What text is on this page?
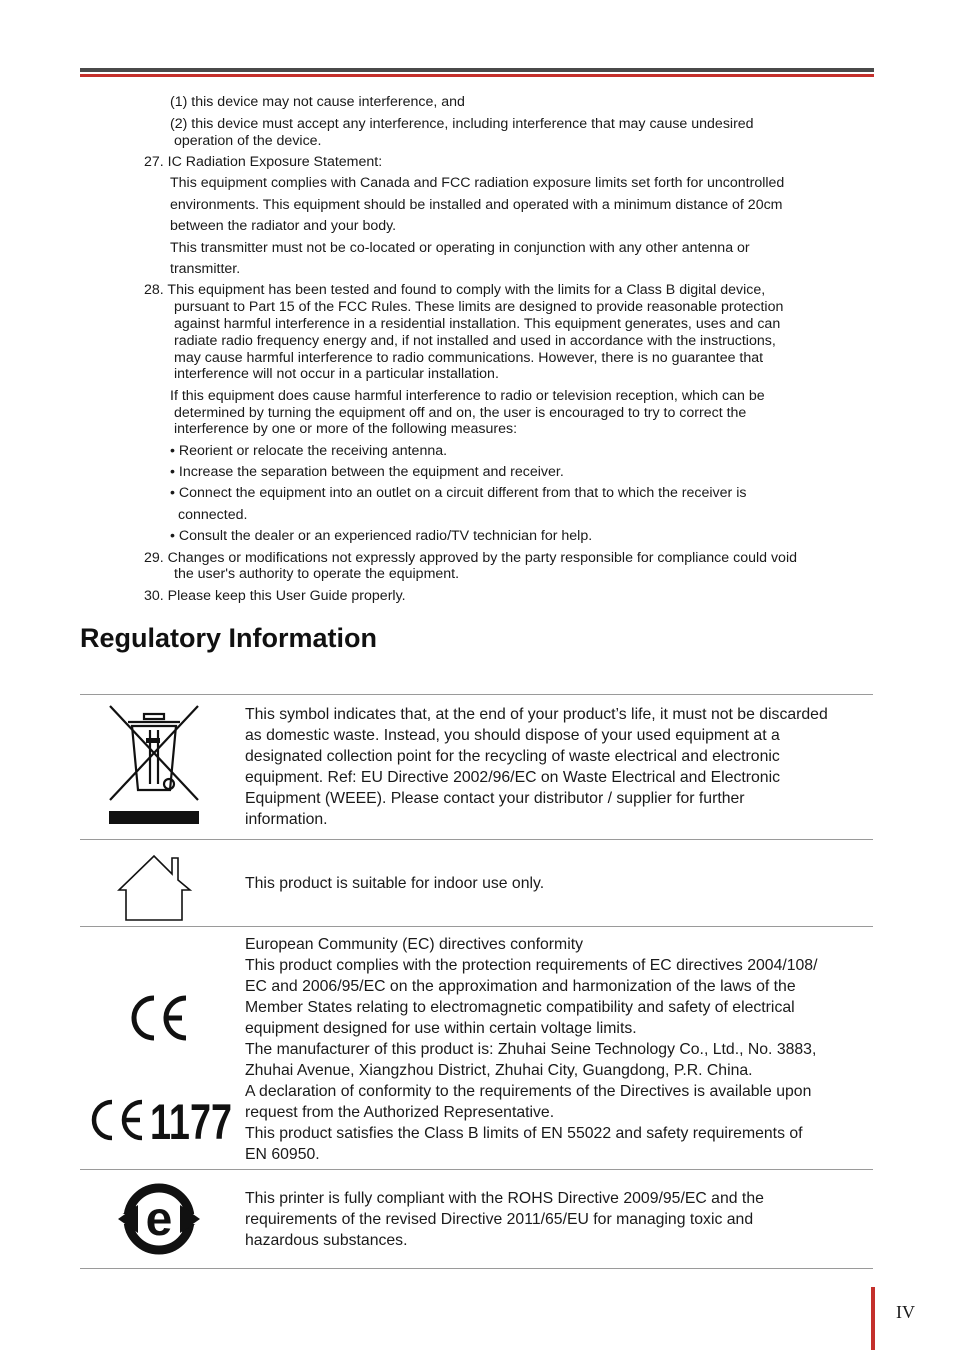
(1) this device may not cause interference, and
(2) this device must accept any interference, including interference that may cause undesired
operation of the device.
27. IC Radiation Exposure Statement:
This equipment complies with Canada and FCC radiation exposure limits set forth for uncontrolled
environments. This equipment should be installed and operated with a minimum distance of 20cm
between the radiator and your body.
This transmitter must not be co-located or operating in conjunction with any other antenna or
transmitter.
28. This equipment has been tested and found to comply with the limits for a Class B digital device,
pursuant to Part 15 of the FCC Rules. These limits are designed to provide reasonable protection
against harmful interference in a residential installation. This equipment generates, uses and can
radiate radio frequency energy and, if not installed and used in accordance with the instructions,
may cause harmful interference to radio communications. However, there is no guarantee that
interference will not occur in a particular installation.
If this equipment does cause harmful interference to radio or television reception, which can be
determined by turning the equipment off and on, the user is encouraged to try to correct the
interference by one or more of the following measures:
• Reorient or relocate the receiving antenna.
• Increase the separation between the equipment and receiver.
• Connect the equipment into an outlet on a circuit different from that to which the receiver is
connected.
• Consult the dealer or an experienced radio/TV technician for help.
29. Changes or modifications not expressly approved by the party responsible for compliance could void
the user's authority to operate the equipment.
30. Please keep this User Guide properly.
Regulatory Information
This symbol indicates that, at the end of your product’s life, it must not be discarded
as domestic waste. Instead, you should dispose of your used equipment at a
designated collection point for the recycling of waste electrical and electronic
equipment. Ref: EU Directive 2002/96/EC on Waste Electrical and Electronic
Equipment (WEEE). Please contact your distributor / supplier for further
information.
This product is suitable for indoor use only.
1177
European Community (EC) directives conformity
This product complies with the protection requirements of EC directives 2004/108/
EC and 2006/95/EC on the approximation and harmonization of the laws of the
Member States relating to electromagnetic compatibility and safety of electrical
equipment designed for use within certain voltage limits.
The manufacturer of this product is: Zhuhai Seine Technology Co., Ltd., No. 3883,
Zhuhai Avenue, Xiangzhou District, Zhuhai City, Guangdong, P.R. China.
A declaration of conformity to the requirements of the Directives is available upon
request from the Authorized Representative.
This product satisfies the Class B limits of EN 55022 and safety requirements of
EN 60950.
e	This printer is fully compliant with the ROHS Directive 2009/95/EC and the
requirements of the revised Directive 2011/65/EU for managing toxic and
hazardous substances.
IV
